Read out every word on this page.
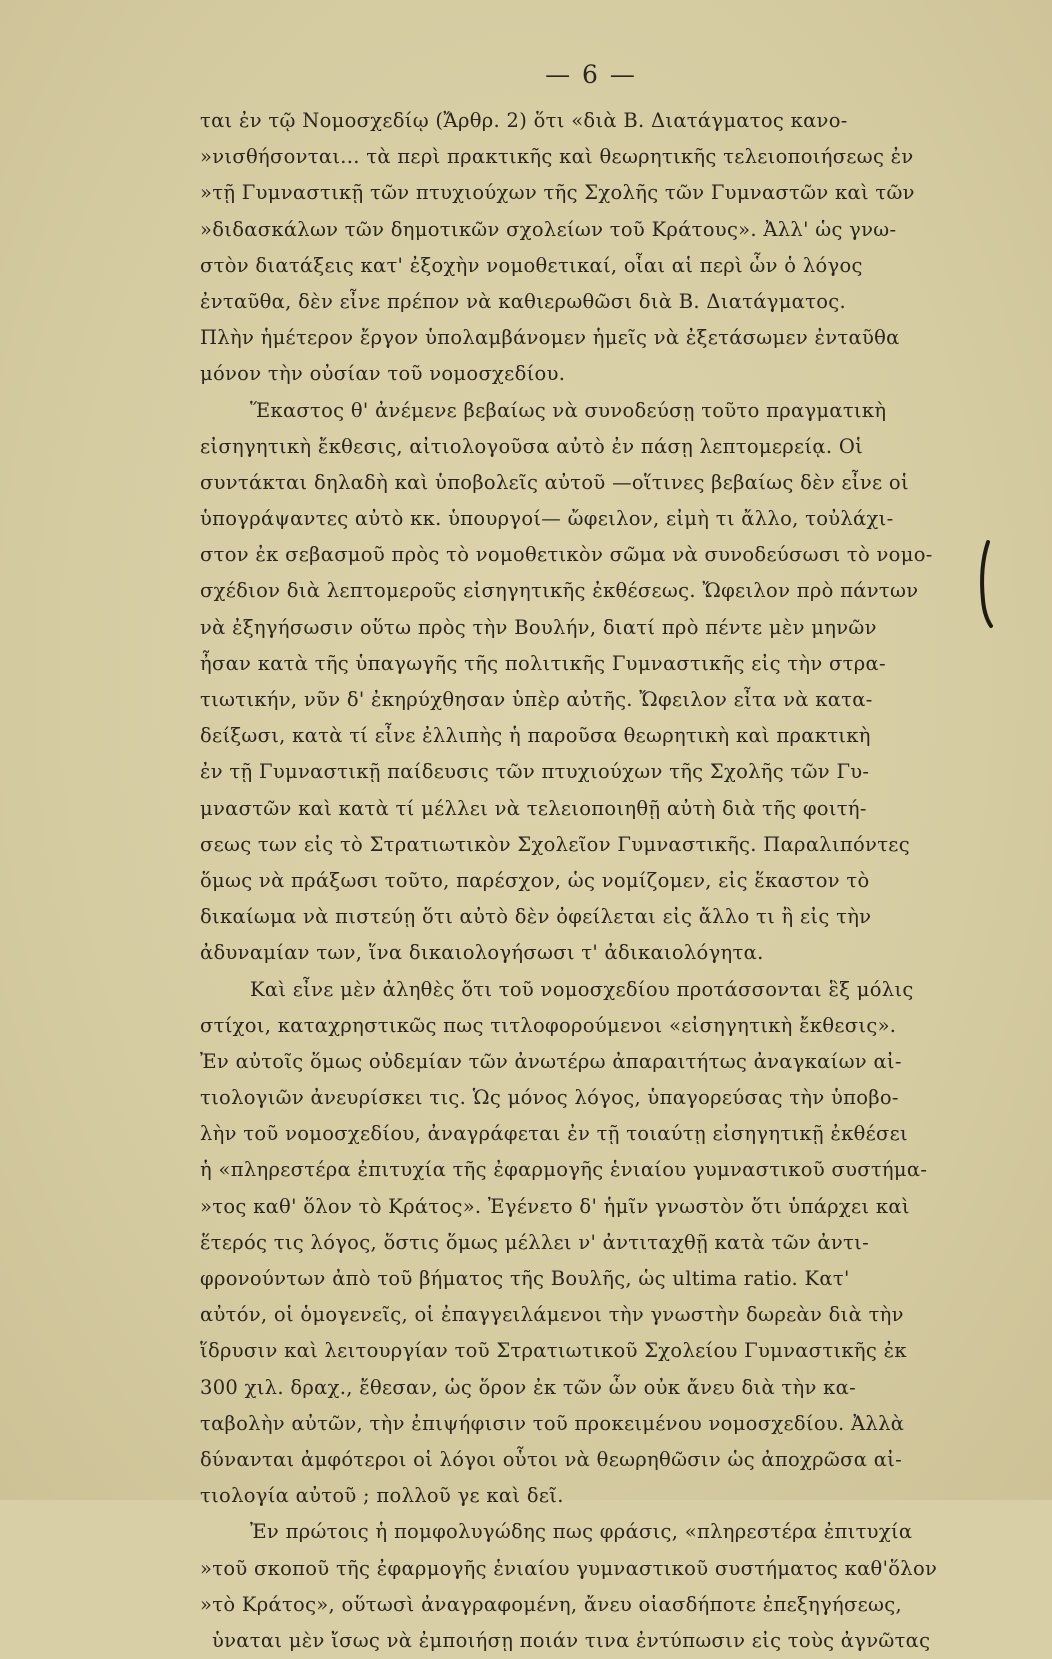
— 6 —
ται ἐν τῷ Νομοσχεδίῳ (Ἄρθρ. 2) ὅτι «διὰ Β. Διατάγματος κανο-
»νισθήσονται... τὰ περὶ πρακτικῆς καὶ θεωρητικῆς τελειοποιήσεως ἐν
»τῇ Γυμναστικῇ τῶν πτυχιούχων τῆς Σχολῆς τῶν Γυμναστῶν καὶ τῶν
»διδασκάλων τῶν δημοτικῶν σχολείων τοῦ Κράτους». Ἀλλ' ὡς γνω-
στὸν διατάξεις κατ' ἐξοχὴν νομοθετικαί, οἷαι αἱ περὶ ὧν ὁ λόγος
ἐνταῦθα, δὲν εἶνε πρέπον νὰ καθιερωθῶσι διὰ Β. Διατάγματος.
Πλὴν ἡμέτερον ἔργον ὑπολαμβάνομεν ἡμεῖς νὰ ἐξετάσωμεν ἐνταῦθα
μόνον τὴν οὐσίαν τοῦ νομοσχεδίου.
Ἕκαστος θ' ἀνέμενε βεβαίως νὰ συνοδεύσῃ τοῦτο πραγματικὴ
εἰσηγητικὴ ἔκθεσις, αἰτιολογοῦσα αὐτὸ ἐν πάσῃ λεπτομερείᾳ. Οἱ
συντάκται δηλαδὴ καὶ ὑποβολεῖς αὐτοῦ —οἵτινες βεβαίως δὲν εἶνε οἱ
ὑπογράψαντες αὐτὸ κκ. ὑπουργοί— ὤφειλον, εἰμὴ τι ἄλλο, τοὐλάχι-
στον ἐκ σεβασμοῦ πρὸς τὸ νομοθετικὸν σῶμα νὰ συνοδεύσωσι τὸ νομο-
σχέδιον διὰ λεπτομεροῦς εἰσηγητικῆς ἐκθέσεως. Ὤφειλον πρὸ πάντων
νὰ ἐξηγήσωσιν οὕτω πρὸς τὴν Βουλήν, διατί πρὸ πέντε μὲν μηνῶν
ἦσαν κατὰ τῆς ὑπαγωγῆς τῆς πολιτικῆς Γυμναστικῆς εἰς τὴν στρα-
τιωτικήν, νῦν δ' ἐκηρύχθησαν ὑπὲρ αὐτῆς. Ὤφειλον εἶτα νὰ κατα-
δείξωσι, κατὰ τί εἶνε ἐλλιπὴς ἡ παροῦσα θεωρητικὴ καὶ πρακτικὴ
ἐν τῇ Γυμναστικῇ παίδευσις τῶν πτυχιούχων τῆς Σχολῆς τῶν Γυ-
μναστῶν καὶ κατὰ τί μέλλει νὰ τελειοποιηθῇ αὐτὴ διὰ τῆς φοιτή-
σεως των εἰς τὸ Στρατιωτικὸν Σχολεῖον Γυμναστικῆς. Παραλιπόντες
ὅμως νὰ πράξωσι τοῦτο, παρέσχον, ὡς νομίζομεν, εἰς ἕκαστον τὸ
δικαίωμα νὰ πιστεύῃ ὅτι αὐτὸ δὲν ὀφείλεται εἰς ἄλλο τι ἢ εἰς τὴν
ἀδυναμίαν των, ἵνα δικαιολογήσωσι τ' ἀδικαιολόγητα.
Καὶ εἶνε μὲν ἀληθὲς ὅτι τοῦ νομοσχεδίου προτάσσονται ἓξ μόλις
στίχοι, καταχρηστικῶς πως τιτλοφορούμενοι «εἰσηγητικὴ ἔκθεσις».
Ἐν αὐτοῖς ὅμως οὐδεμίαν τῶν ἀνωτέρω ἀπαραιτήτως ἀναγκαίων αἰ-
τιολογιῶν ἀνευρίσκει τις. Ὡς μόνος λόγος, ὑπαγορεύσας τὴν ὑποβο-
λὴν τοῦ νομοσχεδίου, ἀναγράφεται ἐν τῇ τοιαύτῃ εἰσηγητικῇ ἐκθέσει
ἡ «πληρεστέρα ἐπιτυχία τῆς ἐφαρμογῆς ἑνιαίου γυμναστικοῦ συστήμα-
»τος καθ' ὅλον τὸ Κράτος». Ἐγένετο δ' ἡμῖν γνωστὸν ὅτι ὑπάρχει καὶ
ἕτερός τις λόγος, ὅστις ὅμως μέλλει ν' ἀντιταχθῇ κατὰ τῶν ἀντι-
φρονούντων ἀπὸ τοῦ βήματος τῆς Βουλῆς, ὡς ultima ratio. Κατ'
αὐτόν, οἱ ὁμογενεῖς, οἱ ἐπαγγειλάμενοι τὴν γνωστὴν δωρεὰν διὰ τὴν
ἵδρυσιν καὶ λειτουργίαν τοῦ Στρατιωτικοῦ Σχολείου Γυμναστικῆς ἐκ
300 χιλ. δραχ., ἔθεσαν, ὡς ὅρον ἐκ τῶν ὧν οὐκ ἄνευ διὰ τὴν κα-
ταβολὴν αὐτῶν, τὴν ἐπιψήφισιν τοῦ προκειμένου νομοσχεδίου. Ἀλλὰ
δύνανται ἀμφότεροι οἱ λόγοι οὗτοι νὰ θεωρηθῶσιν ὡς ἀποχρῶσα αἰ-
τιολογία αὐτοῦ ; πολλοῦ γε καὶ δεῖ.
Ἐν πρώτοις ἡ πομφολυγώδης πως φράσις, «πληρεστέρα ἐπιτυχία
»τοῦ σκοποῦ τῆς ἐφαρμογῆς ἑνιαίου γυμναστικοῦ συστήματος καθ'ὅλον
»τὸ Κράτος», οὕτωσὶ ἀναγραφομένη, ἄνευ οἱασδήποτε ἐπεξηγήσεως,
ὑναται μὲν ἴσως νὰ ἐμποιήσῃ ποιάν τινα ἐντύπωσιν εἰς τοὺς ἀγνῶτας
